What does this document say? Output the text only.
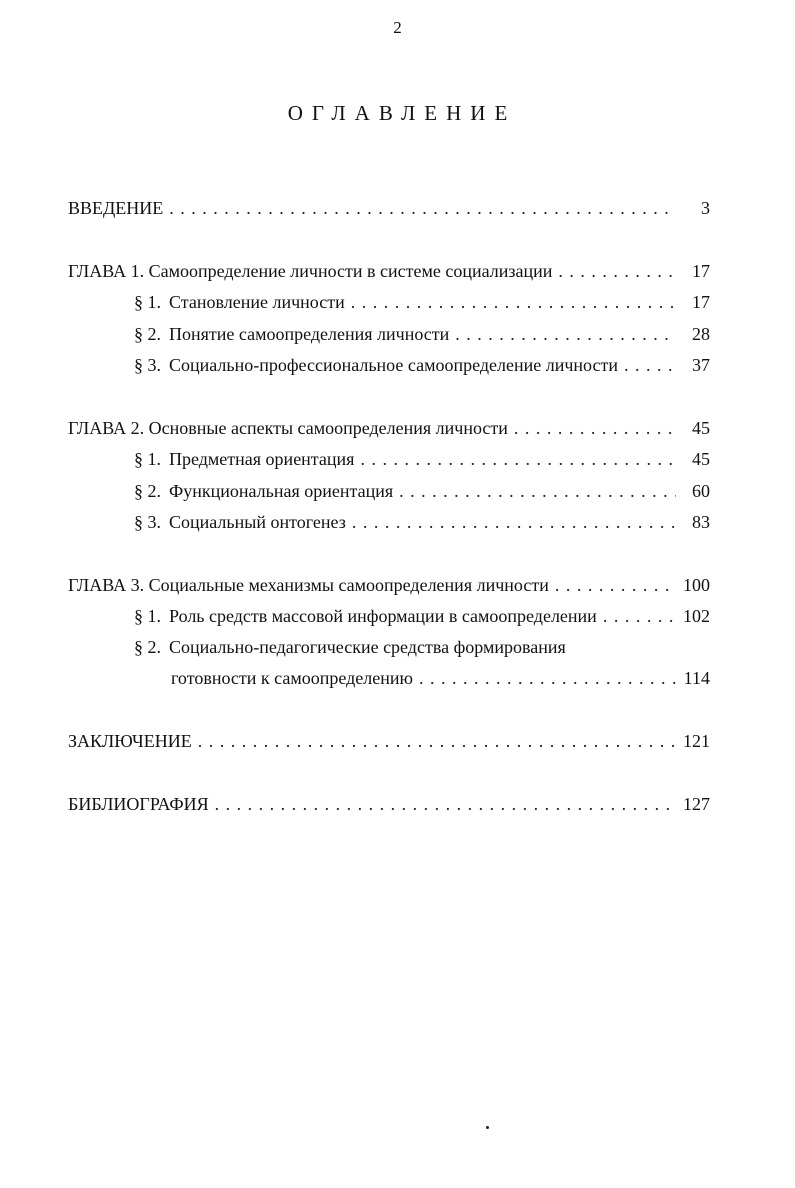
2
ОГЛАВЛЕНИЕ
ВВЕДЕНИЕ . . .	3
ГЛАВА 1. Самоопределение личности в системе социализации . . .	17
§ 1. Становление личности . . .	17
§ 2. Понятие самоопределения личности . . .	28
§ 3. Социально-профессиональное самоопределение личности . . .	37
ГЛАВА 2. Основные аспекты самоопределения личности . . .	45
§ 1. Предметная ориентация . . .	45
§ 2. Функциональная ориентация . . .	60
§ 3. Социальный онтогенез . . .	83
ГЛАВА 3. Социальные механизмы самоопределения личности . . .	100
§ 1. Роль средств массовой информации в самоопределении . . .	102
§ 2. Социально-педагогические средства формирования
готовности к самоопределению . . .	114
ЗАКЛЮЧЕНИЕ . . .	121
БИБЛИОГРАФИЯ . . .	127
